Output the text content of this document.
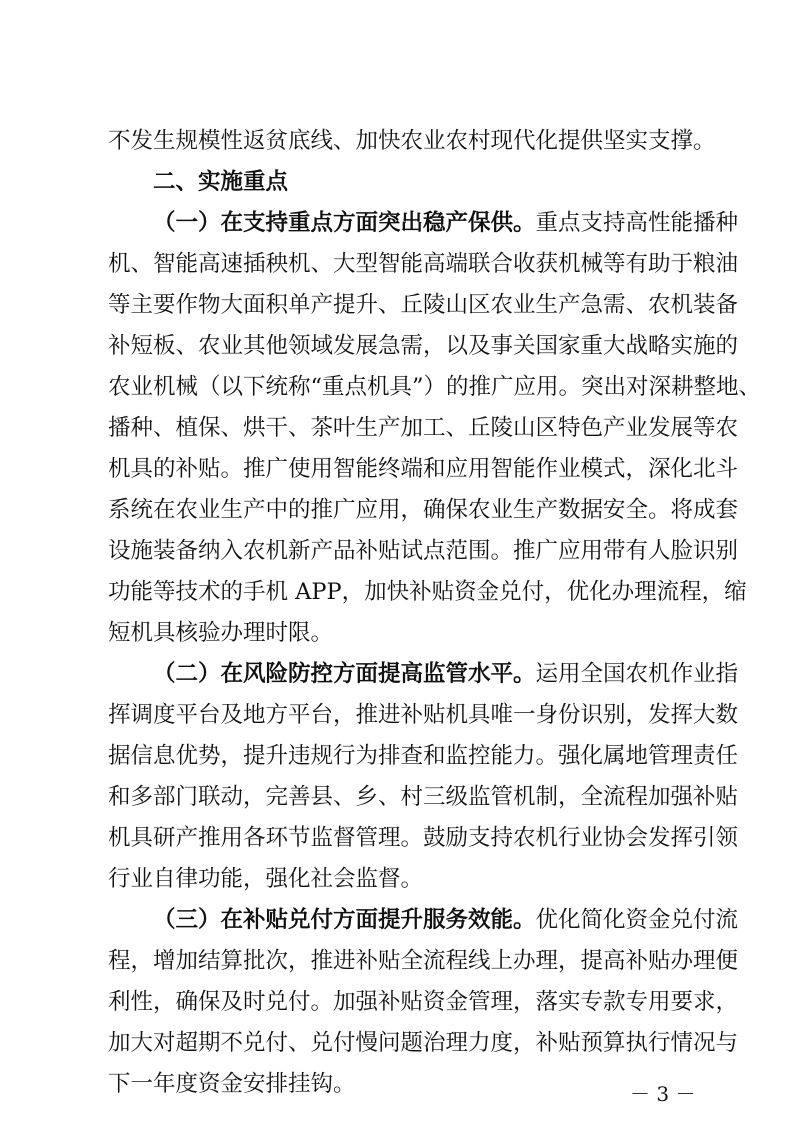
不发生规模性返贫底线、加快农业农村现代化提供坚实支撑。
二、实施重点
（一）在支持重点方面突出稳产保供。重点支持高性能播种
机、智能高速插秧机、大型智能高端联合收获机械等有助于粮油
等主要作物大面积单产提升、丘陵山区农业生产急需、农机装备
补短板、农业其他领域发展急需，以及事关国家重大战略实施的
农业机械（以下统称“重点机具”）的推广应用。突出对深耕整地、
播种、植保、烘干、茶叶生产加工、丘陵山区特色产业发展等农
机具的补贴。推广使用智能终端和应用智能作业模式，深化北斗
系统在农业生产中的推广应用，确保农业生产数据安全。将成套
设施装备纳入农机新产品补贴试点范围。推广应用带有人脸识别
功能等技术的手机 APP，加快补贴资金兑付，优化办理流程，缩
短机具核验办理时限。
（二）在风险防控方面提高监管水平。运用全国农机作业指
挥调度平台及地方平台，推进补贴机具唯一身份识别，发挥大数
据信息优势，提升违规行为排查和监控能力。强化属地管理责任
和多部门联动，完善县、乡、村三级监管机制，全流程加强补贴
机具研产推用各环节监督管理。鼓励支持农机行业协会发挥引领
行业自律功能，强化社会监督。
（三）在补贴兑付方面提升服务效能。优化简化资金兑付流
程，增加结算批次，推进补贴全流程线上办理，提高补贴办理便
利性，确保及时兑付。加强补贴资金管理，落实专款专用要求，
加大对超期不兑付、兑付慢问题治理力度，补贴预算执行情况与
下一年度资金安排挂钩。	－ 3 －
